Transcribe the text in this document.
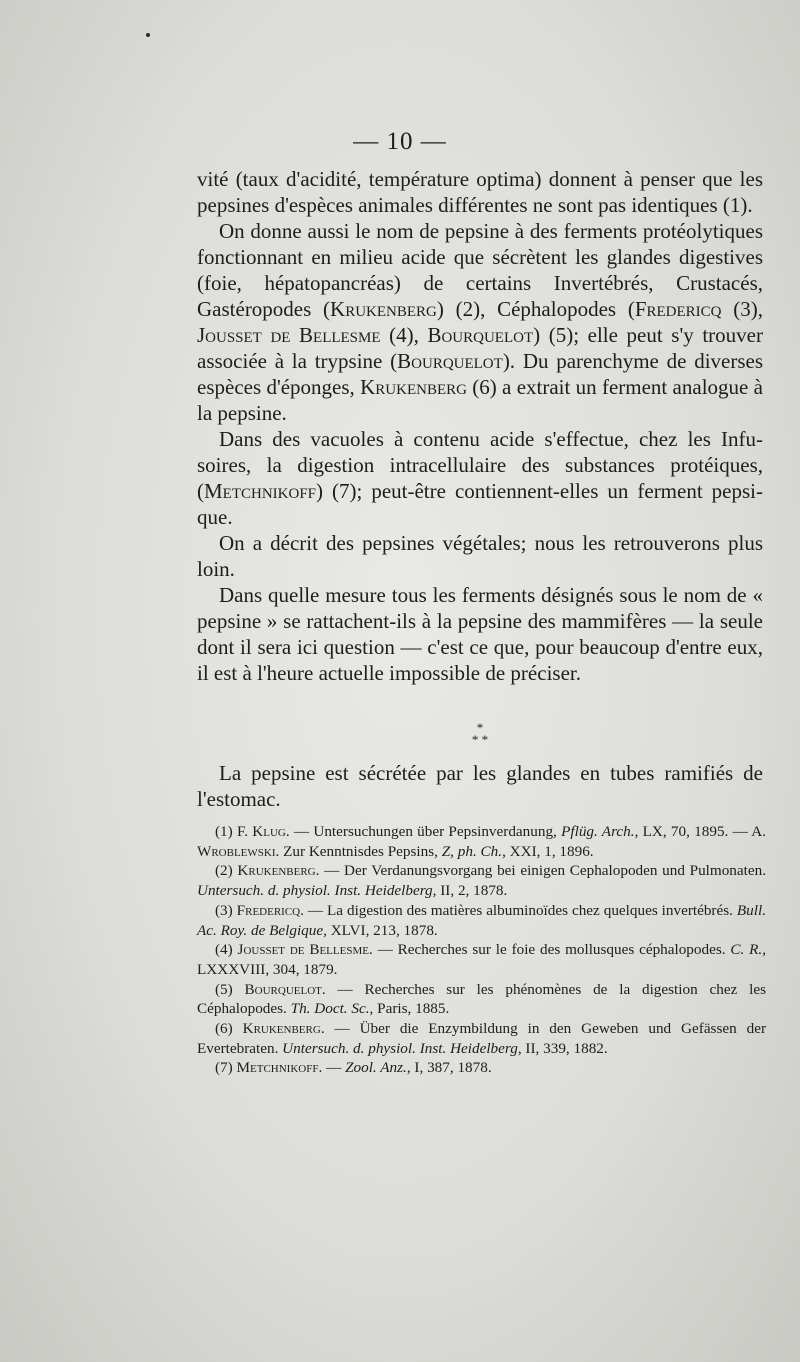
— 10 —

vité (taux d'acidité, température optima) donnent à penser que les pepsines d'espèces animales différentes ne sont pas identiques (1).

On donne aussi le nom de pepsine à des ferments protéolytiques fonctionnant en milieu acide que sécrètent les glandes digestives (foie, hépatopancréas) de certains Invertébrés, Crustacés, Gastéropodes (Krukenberg) (2), Céphalopodes (Fredericq (3), Jousset de Bellesme (4), Bourquelot) (5); elle peut s'y trouver associée à la trypsine (Bourquelot). Du parenchyme de diverses espèces d'éponges, Krukenberg (6) a extrait un ferment analogue à la pepsine.

Dans des vacuoles à contenu acide s'effectue, chez les Infusoires, la digestion intracellulaire des substances protéiques, (Metchnikoff) (7); peut-être contiennent-elles un ferment pepsique.

On a décrit des pepsines végétales; nous les retrouverons plus loin.

Dans quelle mesure tous les ferments désignés sous le nom de « pepsine » se rattachent-ils à la pepsine des mammifères — la seule dont il sera ici question — c'est ce que, pour beaucoup d'entre eux, il est à l'heure actuelle impossible de préciser.

*
* *

La pepsine est sécrétée par les glandes en tubes ramifiés de l'estomac.

(1) F. Klug. — Untersuchungen über Pepsinverdanung, Pflüg. Arch., LX, 70, 1895. — A. Wroblewski. Zur Kenntnisdes Pepsins, Z, ph. Ch., XXI, 1, 1896.

(2) Krukenberg. — Der Verdanungsvorgang bei einigen Cephalopoden und Pulmonaten. Untersuch. d. physiol. Inst. Heidelberg, II, 2, 1878.

(3) Fredericq. — La digestion des matières albuminoïdes chez quelques invertébrés. Bull. Ac. Roy. de Belgique, XLVI, 213, 1878.

(4) Jousset de Bellesme. — Recherches sur le foie des mollusques céphalopodes. C. R., LXXXVIII, 304, 1879.

(5) Bourquelot. — Recherches sur les phénomènes de la digestion chez les Céphalopodes. Th. Doct. Sc., Paris, 1885.

(6) Krukenberg. — Über die Enzymbildung in den Geweben und Gefässen der Evertebraten. Untersuch. d. physiol. Inst. Heidelberg, II, 339, 1882.

(7) Metchnikoff. — Zool. Anz., I, 387, 1878.
